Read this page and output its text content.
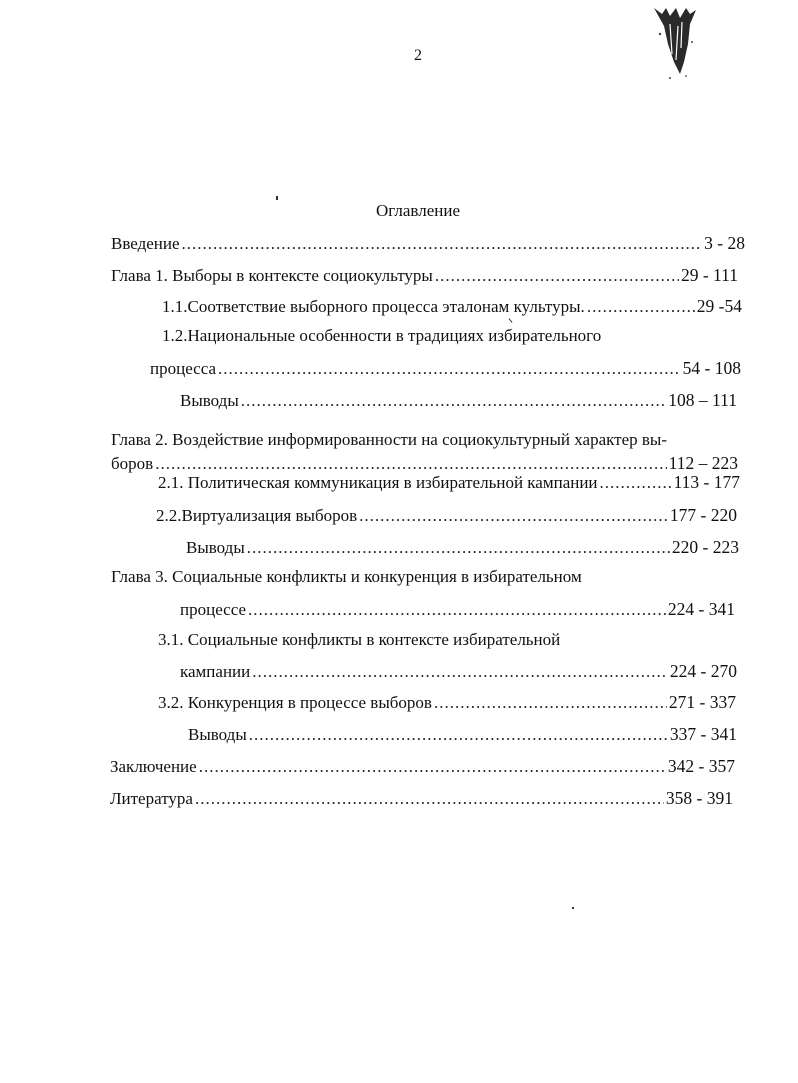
2
Оглавление
Введение .....	3 - 28
Глава 1. Выборы в контексте социокультуры .....	29 - 111
1.1.Соответствие выборного процесса эталонам культуры. .....	29 -54
1.2.Национальные особенности в традициях избирательного
процесса .....	54 - 108
Выводы .....	108 – 111
Глава 2. Воздействие информированности на социокультурный характер вы-
боров .....	112 – 223
2.1. Политическая коммуникация в избирательной кампании .....	113 - 177
2.2.Виртуализация выборов .....	177 - 220
Выводы .....	220 - 223
Глава 3. Социальные конфликты и конкуренция в избирательном
процессе .....	224 - 341
3.1. Социальные конфликты в контексте избирательной
кампании .....	224 - 270
3.2. Конкуренция в процессе выборов .....	271 - 337
Выводы .....	337 - 341
Заключение .....	342 - 357
Литература .....	358 - 391
